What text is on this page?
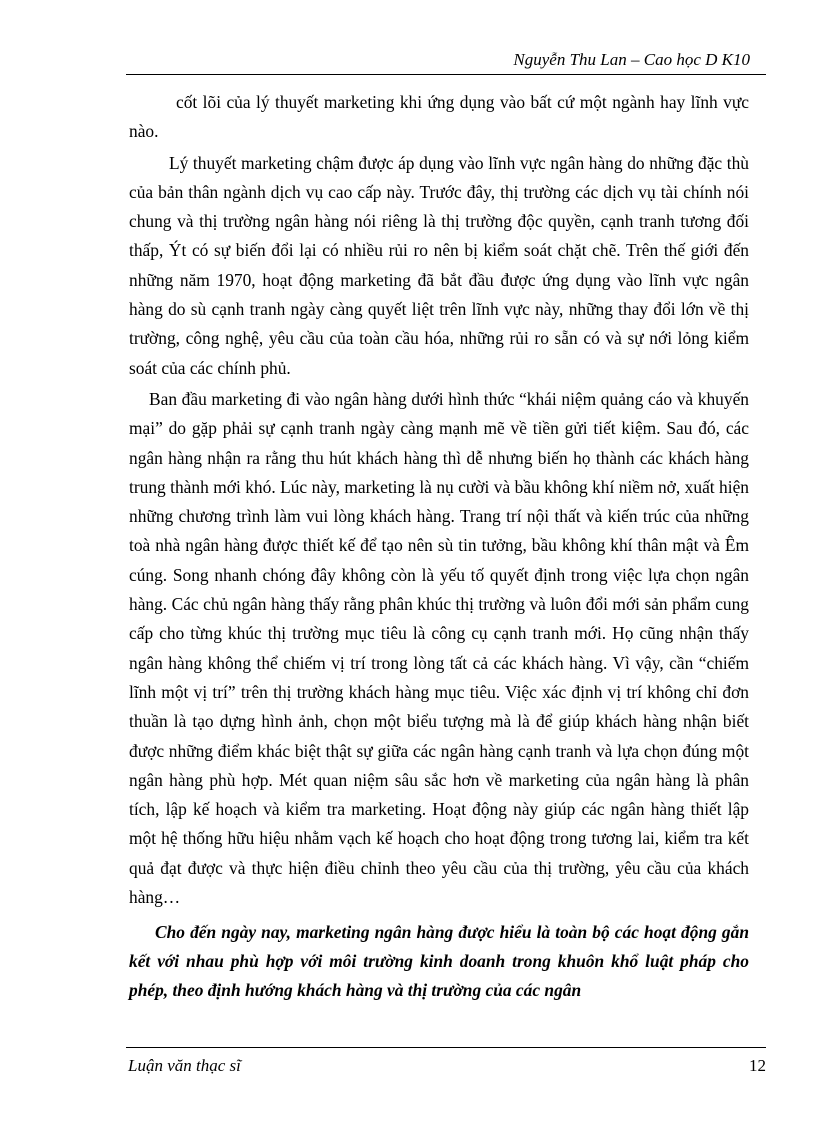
Nguyễn Thu Lan – Cao học D K10

cốt lõi của lý thuyết marketing khi ứng dụng vào bất cứ một ngành hay lĩnh vực nào.

Lý thuyết marketing chậm được áp dụng vào lĩnh vực ngân hàng do những đặc thù của bản thân ngành dịch vụ cao cấp này. Trước đây, thị trường các dịch vụ tài chính nói chung và thị trường ngân hàng nói riêng là thị trường độc quyền, cạnh tranh tương đối thấp, Ýt có sự biến đổi lại có nhiều rủi ro nên bị kiểm soát chặt chẽ. Trên thế giới đến những năm 1970, hoạt động marketing đã bắt đầu được ứng dụng vào lĩnh vực ngân hàng do sù cạnh tranh ngày càng quyết liệt trên lĩnh vực này, những thay đổi lớn về thị trường, công nghệ, yêu cầu của toàn cầu hóa, những rủi ro sẵn có và sự nới lỏng kiểm soát của các chính phủ.

Ban đầu marketing đi vào ngân hàng dưới hình thức “khái niệm quảng cáo và khuyến mại” do gặp phải sự cạnh tranh ngày càng mạnh mẽ về tiền gửi tiết kiệm. Sau đó, các ngân hàng nhận ra rằng thu hút khách hàng thì dễ nhưng biến họ thành các khách hàng trung thành mới khó. Lúc này, marketing là nụ cười và bầu không khí niềm nở, xuất hiện những chương trình làm vui lòng khách hàng. Trang trí nội thất và kiến trúc của những toà nhà ngân hàng được thiết kế để tạo nên sù tin tưởng, bầu không khí thân mật và Êm cúng. Song nhanh chóng đây không còn là yếu tố quyết định trong việc lựa chọn ngân hàng. Các chủ ngân hàng thấy rằng phân khúc thị trường và luôn đổi mới sản phẩm cung cấp cho từng khúc thị trường mục tiêu là công cụ cạnh tranh mới. Họ cũng nhận thấy ngân hàng không thể chiếm vị trí trong lòng tất cả các khách hàng. Vì vậy, cần “chiếm lĩnh một vị trí” trên thị trường khách hàng mục tiêu. Việc xác định vị trí không chỉ đơn thuần là tạo dựng hình ảnh, chọn một biểu tượng mà là để giúp khách hàng nhận biết được những điểm khác biệt thật sự giữa các ngân hàng cạnh tranh và lựa chọn đúng một ngân hàng phù hợp. Mét quan niệm sâu sắc hơn về marketing của ngân hàng là phân tích, lập kế hoạch và kiểm tra marketing. Hoạt động này giúp các ngân hàng thiết lập một hệ thống hữu hiệu nhằm vạch kế hoạch cho hoạt động trong tương lai, kiểm tra kết quả đạt được và thực hiện điều chỉnh theo yêu cầu của thị trường, yêu cầu của khách hàng…

Cho đến ngày nay, marketing ngân hàng được hiểu là toàn bộ các hoạt động gắn kết với nhau phù hợp với môi trường kinh doanh trong khuôn khổ luật pháp cho phép, theo định hướng khách hàng và thị trường của các ngân

Luận văn thạc sĩ	12
